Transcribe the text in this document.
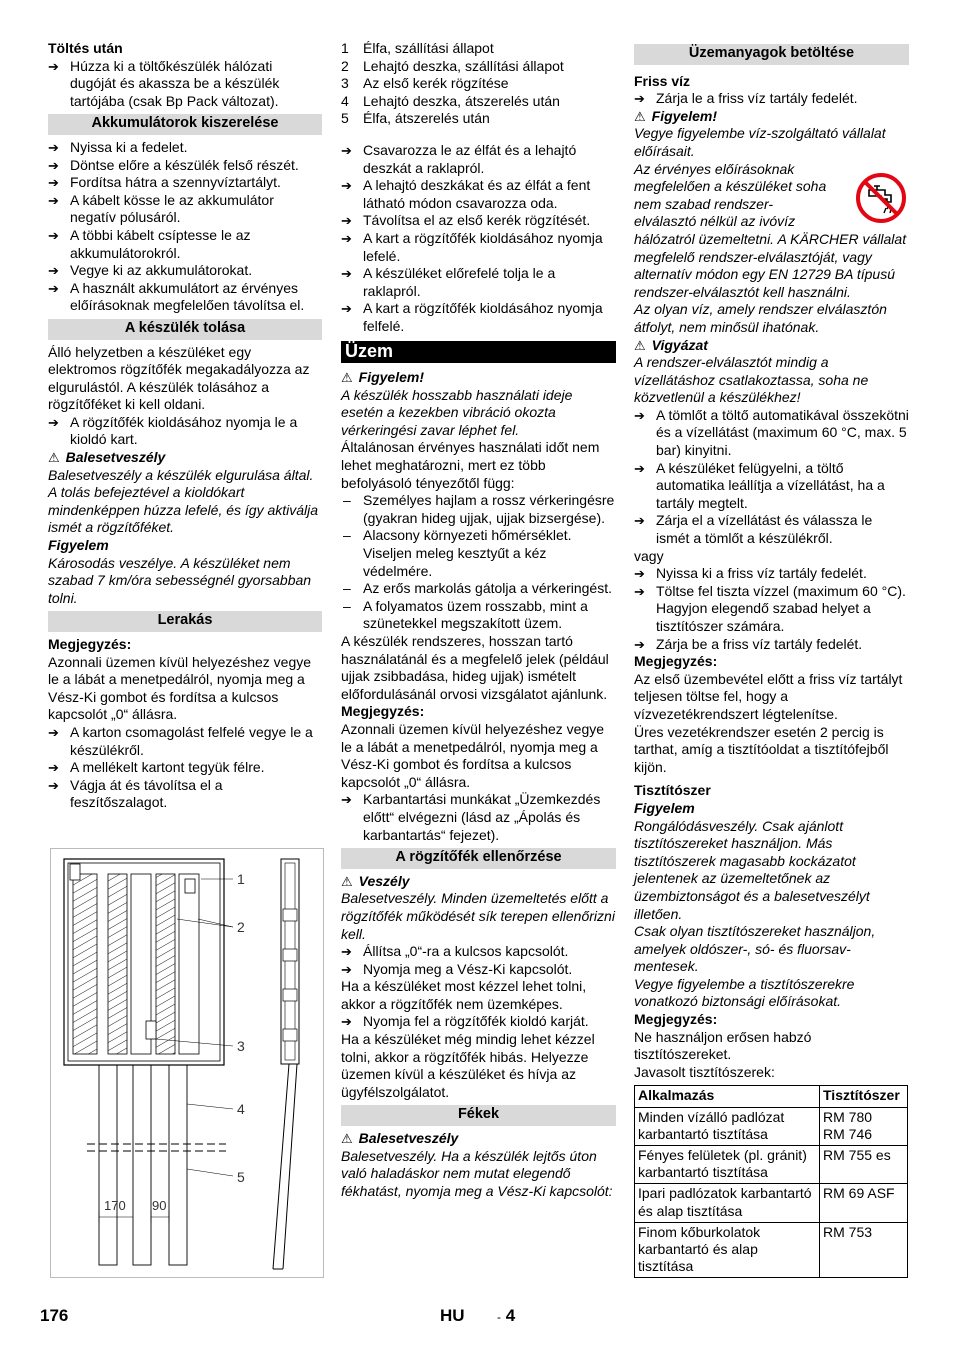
Töltés után

➔ Húzza ki a töltőkészülék hálózati dugóját és akassza be a készülék tartójába (csak Bp Pack változat).

Akkumulátorok kiszerelése

➔ Nyissa ki a fedelet.

➔ Döntse előre a készülék felső részét.

➔ Fordítsa hátra a szennyvíztartályt.

➔ A kábelt kösse le az akkumulátor negatív pólusáról.

➔ A többi kábelt csíptesse le az akkumulátorokról.

➔ Vegye ki az akkumulátorokat.

➔ A használt akkumulátort az érvényes előírásoknak megfelelően távolítsa el.

A készülék tolása

Álló helyzetben a készüléket egy elektromos rögzítőfék megakadályozza az elgurulástól. A készülék tolásához a rögzítőféket ki kell oldani.

➔ A rögzítőfék kioldásához nyomja le a kioldó kart.

⚠ Balesetveszély

Balesetveszély a készülék elgurulása által. A tolás befejeztével a kioldókart mindenképpen húzza lefelé, és így aktiválja ismét a rögzítőféket.

Figyelem

Károsodás veszélye. A készüléket nem szabad 7 km/óra sebességnél gyorsabban tolni.

Lerakás

Megjegyzés:

Azonnali üzemen kívül helyezéshez vegye le a lábát a menetpedálról, nyomja meg a Vész-Ki gombot és fordítsa a kulcsos kapcsolót „0“ állásra.

➔ A karton csomagolást felfelé vegye le a készülékről.

➔ A mellékelt kartont tegyük félre.

➔ Vágja át és távolítsa el a feszítőszalagot.

1
2
3
4
5
170 90

1	Élfa, szállítási állapot

2	Lehajtó deszka, szállítási állapot

3	Az első kerék rögzítése

4	Lehajtó deszka, átszerelés után

5	Élfa, átszerelés után

➔ Csavarozza le az élfát és a lehajtó deszkát a raklapról.

➔ A lehajtó deszkákat és az élfát a fent látható módon csavarozza oda.

➔ Távolítsa el az első kerék rögzítését.

➔ A kart a rögzítőfék kioldásához nyomja lefelé.

➔ A készüléket előrefelé tolja le a raklapról.

➔ A kart a rögzítőfék kioldásához nyomja felfelé.

Üzem

⚠ Figyelem!

A készülék hosszabb használati ideje esetén a kezekben vibráció okozta vérkeringési zavar léphet fel.

Általánosan érvényes használati időt nem lehet meghatározni, mert ez több befolyásoló tényezőtől függ:

– Személyes hajlam a rossz vérkeringésre (gyakran hideg ujjak, ujjak bizsergése).

– Alacsony környezeti hőmérséklet. Viseljen meleg kesztyűt a kéz védelmére.

– Az erős markolás gátolja a vérkeringést.

– A folyamatos üzem rosszabb, mint a szünetekkel megszakított üzem.

A készülék rendszeres, hosszan tartó használatánál és a megfelelő jelek (például ujjak zsibbadása, hideg ujjak) ismételt előfordulásánál orvosi vizsgálatot ajánlunk.

Megjegyzés:

Azonnali üzemen kívül helyezéshez vegye le a lábát a menetpedálról, nyomja meg a Vész-Ki gombot és fordítsa a kulcsos kapcsolót „0“ állásra.

➔ Karbantartási munkákat „Üzemkezdés előtt“ elvégezni (lásd az „Ápolás és karbantartás“ fejezet).

A rögzítőfék ellenőrzése

⚠ Veszély

Balesetveszély. Minden üzemeltetés előtt a rögzítőfék működését sík terepen ellenőrizni kell.

➔ Állítsa „0“-ra a kulcsos kapcsolót.

➔ Nyomja meg a Vész-Ki kapcsolót.

Ha a készüléket most kézzel lehet tolni, akkor a rögzítőfék nem üzemképes.

➔ Nyomja fel a rögzítőfék kioldó karját.

Ha a készüléket még mindig lehet kézzel tolni, akkor a rögzítőfék hibás. Helyezze üzemen kívül a készüléket és hívja az ügyfélszolgálatot.

Fékek

⚠ Balesetveszély

Balesetveszély. Ha a készülék lejtős úton való haladáskor nem mutat elegendő fékhatást, nyomja meg a Vész-Ki kapcsolót:

Üzemanyagok betöltése

Friss víz

➔ Zárja le a friss víz tartály fedelét.

⚠ Figyelem!

Vegye figyelembe víz-szolgáltató vállalat előírásait.

Az érvényes előírásoknak megfelelően a készüléket soha nem szabad rendszer-elválasztó nélkül az ivóvíz hálózatról üzemeltetni. A KÄRCHER vállalat megfelelő rendszer-elválasztóját, vagy alternatív módon egy EN 12729 BA típusú rendszer-elválasztót kell használni.

Az olyan víz, amely rendszer elválasztón átfolyt, nem minősül ihatónak.

⚠ Vigyázat

A rendszer-elválasztót mindig a vízellátáshoz csatlakoztassa, soha ne közvetlenül a készülékhez!

➔ A tömlőt a töltő automatikával összekötni és a vízellátást (maximum 60 °C, max. 5 bar) kinyitni.

➔ A készüléket felügyelni, a töltő automatika leállítja a vízellátást, ha a tartály megtelt.

➔ Zárja el a vízellátást és válassza le ismét a tömlőt a készülékről.

vagy

➔ Nyissa ki a friss víz tartály fedelét.

➔ Töltse fel tiszta vízzel (maximum 60 °C). Hagyjon elegendő szabad helyet a tisztítószer számára.

➔ Zárja be a friss víz tartály fedelét.

Megjegyzés:

Az első üzembevétel előtt a friss víz tartályt teljesen töltse fel, hogy a vízvezetékrendszert légtelenítse.

Üres vezetékrendszer esetén 2 percig is tarthat, amíg a tisztítóoldat a tisztítófejből kijön.

Tisztítószer

Figyelem

Rongálódásveszély. Csak ajánlott tisztítószereket használjon. Más tisztítószerek magasabb kockázatot jelentenek az üzemeltetőnek az üzembiztonságot és a balesetveszélyt illetően.

Csak olyan tisztítószereket használjon, amelyek oldószer-, só- és fluorsav-mentesek.

Vegye figyelembe a tisztítószerekre vonatkozó biztonsági előírásokat.

Megjegyzés:

Ne használjon erősen habzó tisztítószereket.

Javasolt tisztítószerek:

Alkalmazás	Tisztítószer
Minden vízálló padlózat karbantartó tisztítása	RM 780
RM 746
Fényes felületek (pl. gránit) karbantartó tisztítása	RM 755 es
Ipari padlózatok karbantartó és alap tisztítása	RM 69 ASF
Finom kőburkolatok karbantartó és alap tisztítása	RM 753
176	HU	- 4
